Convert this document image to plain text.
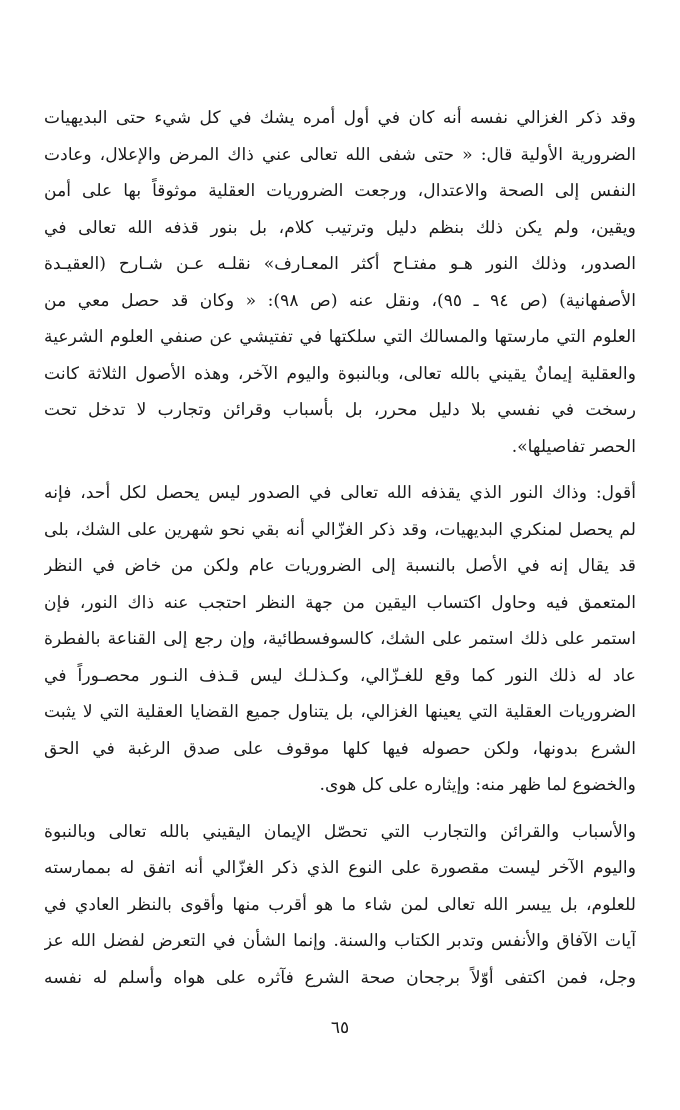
وقد ذكر الغزالي نفسه أنه كان في أول أمره يشك في كل شيء حتى البديهيات
الضرورية الأولية قال: « حتى شفى الله تعالى عني ذاك المرض والإعلال، وعادت
النفس إلى الصحة والاعتدال، ورجعت الضروريات العقلية موثوقاً بها على أمن
ويقين، ولم يكن ذلك بنظم دليل وترتيب كلام، بل بنور قذفه الله تعالى في
الصدور، وذلك النور هـو مفتـاح أكثر المعـارف» نقلـه عـن شـارح (العقيـدة
الأصفهانية) (ص ٩٤ ـ ٩٥)، ونقل عنه (ص ٩٨): « وكان قد حصل معي من
العلوم التي مارستها والمسالك التي سلكتها في تفتيشي عن صنفي العلوم الشرعية
والعقلية إيمانٌ يقيني بالله تعالى، وبالنبوة واليوم الآخر، وهذه الأصول الثلاثة كانت
رسخت في نفسي بلا دليل محرر، بل بأسباب وقرائن وتجارب لا تدخل تحت
الحصر تفاصيلها».
أقول: وذاك النور الذي يقذفه الله تعالى في الصدور ليس يحصل لكل أحد، فإنه
لم يحصل لمنكري البديهيات، وقد ذكر الغزّالي أنه بقي نحو شهرين على الشك، بلى
قد يقال إنه في الأصل بالنسبة إلى الضروريات عام ولكن من خاض في النظر
المتعمق فيه وحاول اكتساب اليقين من جهة النظر احتجب عنه ذاك النور، فإن
استمر على ذلك استمر على الشك، كالسوفسطائية، وإن رجع إلى القناعة بالفطرة
عاد له ذلك النور كما وقع للغـزّالي، وكـذلـك ليس قـذف النـور محصـوراً في
الضروريات العقلية التي يعينها الغزالي، بل يتناول جميع القضايا العقلية التي لا يثبت
الشرع بدونها، ولكن حصوله فيها كلها موقوف على صدق الرغبة في الحق
والخضوع لما ظهر منه: وإيثاره على كل هوى.
والأسباب والقرائن والتجارب التي تحصّل الإيمان اليقيني بالله تعالى وبالنبوة
واليوم الآخر ليست مقصورة على النوع الذي ذكر الغزّالي أنه اتفق له بممارسته
للعلوم، بل ييسر الله تعالى لمن شاء ما هو أقرب منها وأقوى بالنظر العادي في
آيات الآفاق والأنفس وتدبر الكتاب والسنة. وإنما الشأن في التعرض لفضل الله عز
وجل، فمن اكتفى أوّلاً برجحان صحة الشرع فآثره على هواه وأسلم له نفسه
٦٥
